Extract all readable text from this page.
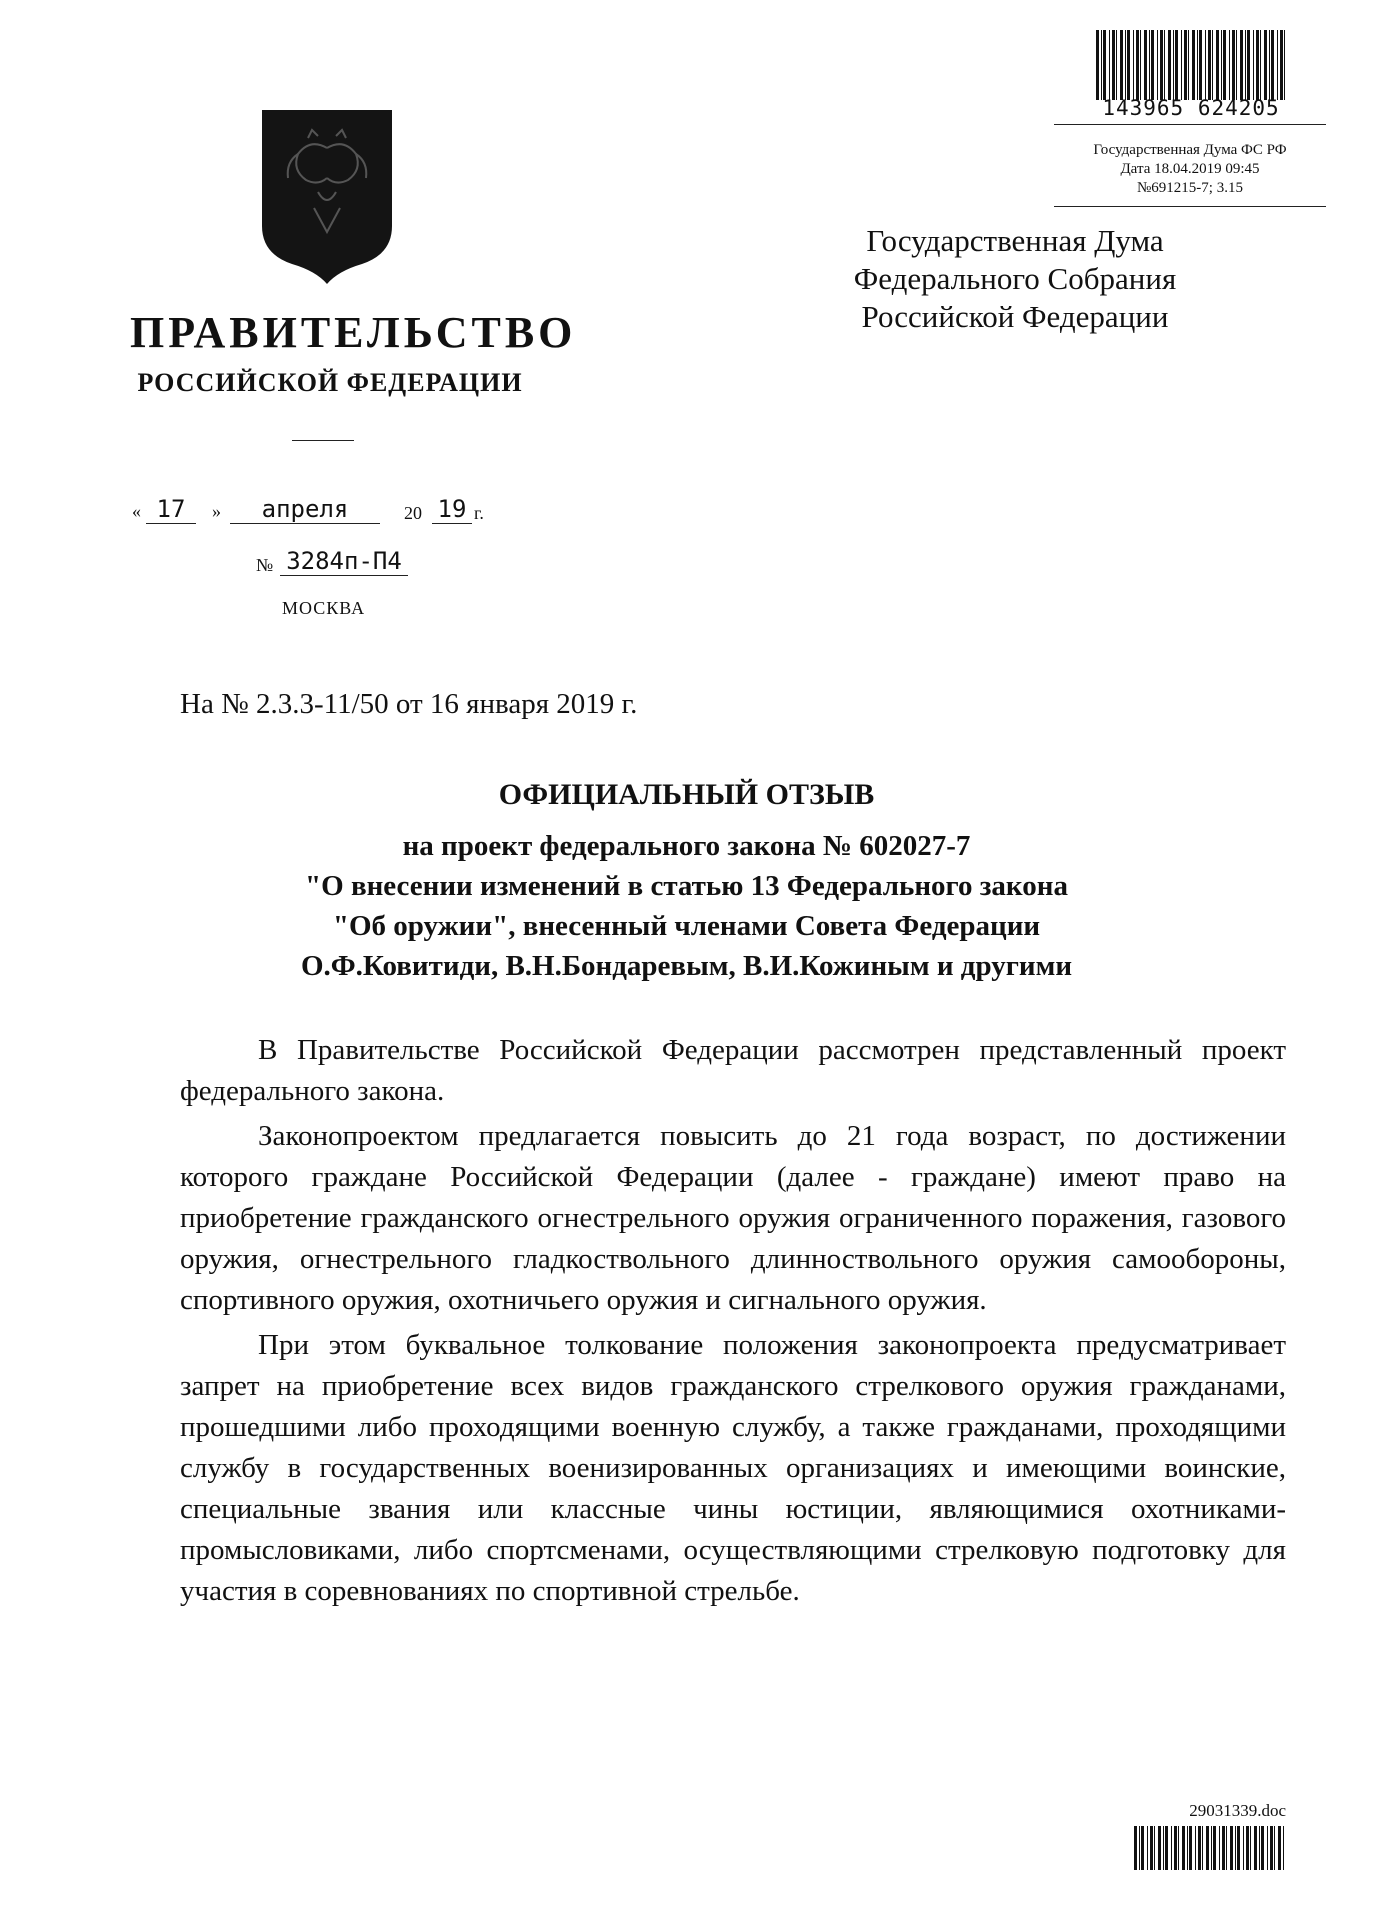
143965 624205
Государственная Дума ФС РФ
Дата 18.04.2019 09:45
№691215-7; 3.15
ПРАВИТЕЛЬСТВО
РОССИЙСКОЙ ФЕДЕРАЦИИ
Государственная Дума
Федерального Собрания
Российской Федерации
« 17	»	апреля	20 19 г.
№ 3284п-П4
МОСКВА
На № 2.3.3-11/50 от 16 января 2019 г.
ОФИЦИАЛЬНЫЙ ОТЗЫВ
на проект федерального закона № 602027-7
"О внесении изменений в статью 13 Федерального закона
"Об оружии", внесенный членами Совета Федерации
О.Ф.Ковитиди, В.Н.Бондаревым, В.И.Кожиным и другими

В Правительстве Российской Федерации рассмотрен представленный проект федерального закона.

Законопроектом предлагается повысить до 21 года возраст, по достижении которого граждане Российской Федерации (далее - граждане) имеют право на приобретение гражданского огнестрельного оружия ограниченного поражения, газового оружия, огнестрельного гладкоствольного длинноствольного оружия самообороны, спортивного оружия, охотничьего оружия и сигнального оружия.

При этом буквальное толкование положения законопроекта предусматривает запрет на приобретение всех видов гражданского стрелкового оружия гражданами, прошедшими либо проходящими военную службу, а также гражданами, проходящими службу в государственных военизированных организациях и имеющими воинские, специальные звания или классные чины юстиции, являющимися охотниками-промысловиками, либо спортсменами, осуществляющими стрелковую подготовку для участия в соревнованиях по спортивной стрельбе.

29031339.doc
